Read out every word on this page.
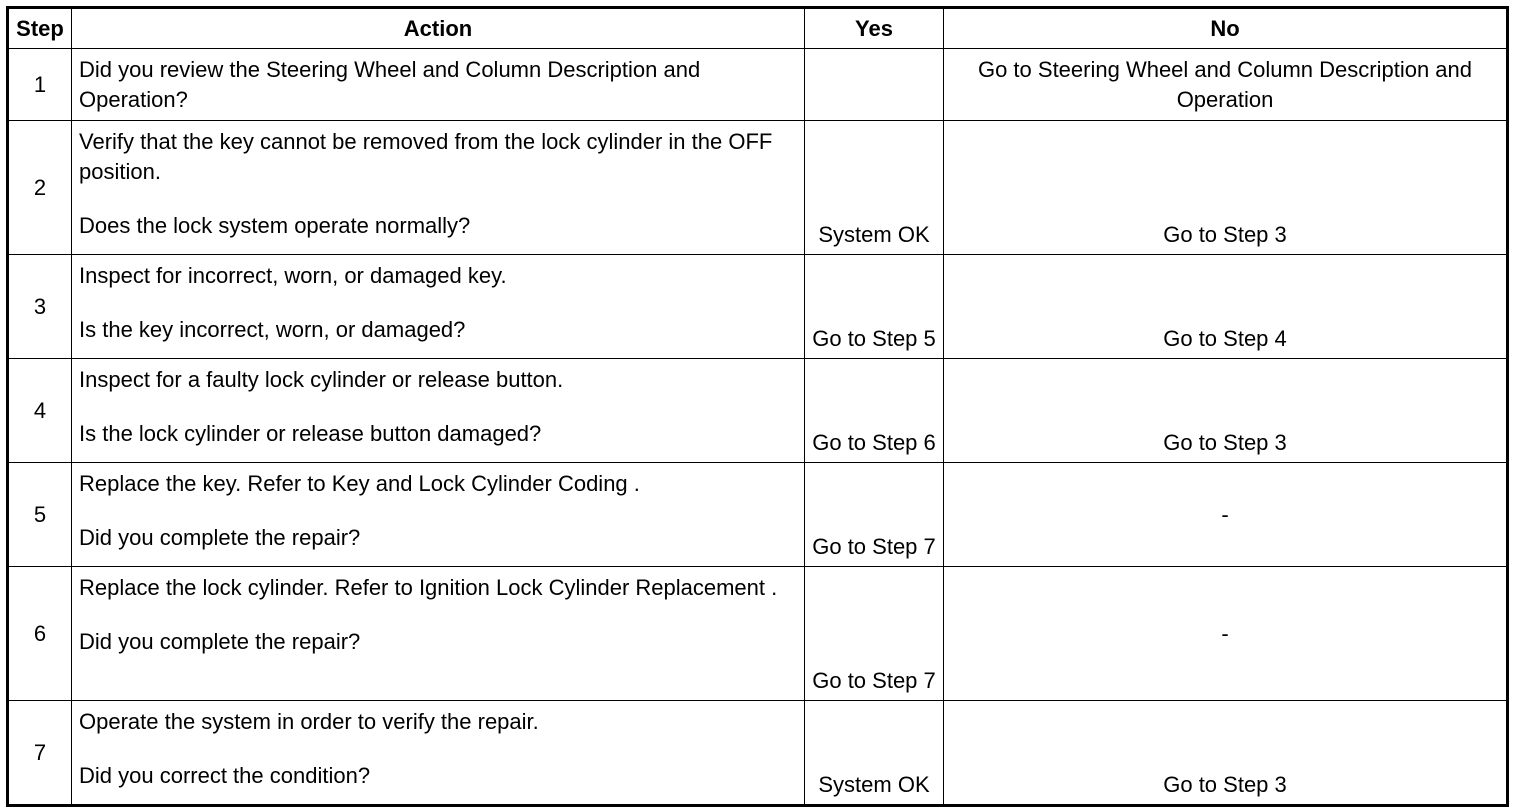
Step	Action	Yes	No
1	Did you review the Steering Wheel and Column Description and Operation?		Go to Steering Wheel and Column Description and Operation
2	Verify that the key cannot be removed from the lock cylinder in the OFF position.

Does the lock system operate normally?	System OK	Go to Step 3
3	Inspect for incorrect, worn, or damaged key.

Is the key incorrect, worn, or damaged?	Go to Step 5	Go to Step 4
4	Inspect for a faulty lock cylinder or release button.

Is the lock cylinder or release button damaged?	Go to Step 6	Go to Step 3
5	Replace the key. Refer to Key and Lock Cylinder Coding .

Did you complete the repair?	Go to Step 7	-
6	Replace the lock cylinder. Refer to Ignition Lock Cylinder Replacement .

Did you complete the repair?	Go to Step 7	-
7	Operate the system in order to verify the repair.

Did you correct the condition?	System OK	Go to Step 3
